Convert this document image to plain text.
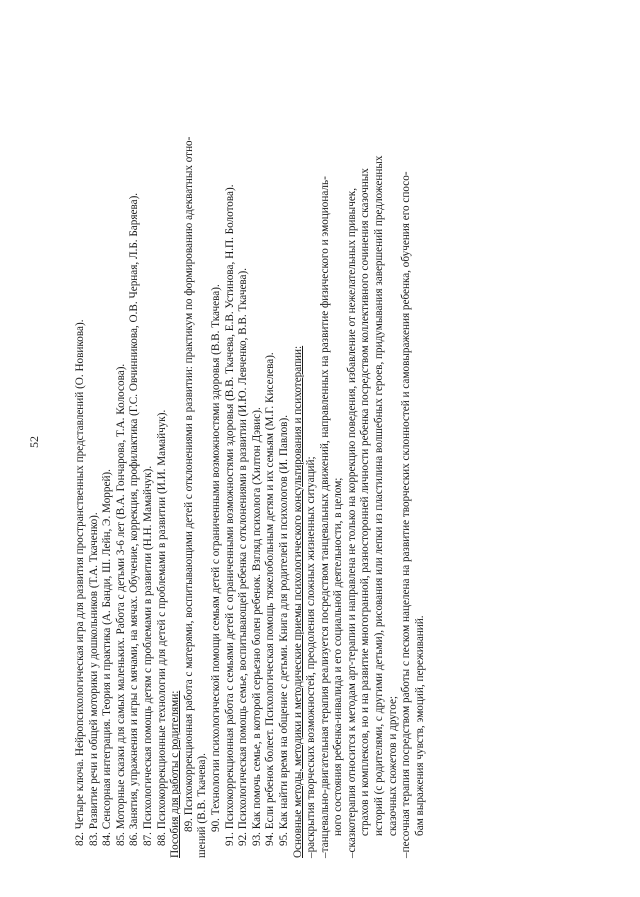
52	82. Четыре ключа. Нейропсихологическая игра для развития пространственных представлений (О. Новикова). 83. Развитие речи и общей моторики у дошкольников (Т.А. Ткаченко). 84. Сенсорная интеграция. Теория и практика (А. Банди, Ш. Лейн, Э. Моррей). 85. Моторные сказки для самых маленьких. Работа с детьми 3-6 лет (В.А. Гончарова, Т.А. Колосова). 86. Занятия, упражнения и игры с мячами, на мячах. Обучение, коррекция, профилактика (Г.С. Овчинникова, О.В. Черная, Л.Б. Баряева). 87. Психологическая помощь детям с проблемами в развитии (Н.Н. Мамайчук). 88. Психокоррекционные технологии для детей с проблемами в развитии (И.И. Мамайчук). Пособия для работы с родителями: 89. Психокоррекционная работа с матерями, воспитывающими детей с отклонениями в развитии: практикум по формированию адекватных отно- шений (В.В. Ткачева). 90. Технологии психологической помощи семьям детей с ограниченными возможностями здоровья (В.В. Ткачева). 91. Психокоррекционная работа с семьями детей с ограниченными возможностями здоровья (В.В. Ткачева, Е.В. Устинова, Н.П. Болотова). 92. Психологическая помощь семье, воспитывающей ребенка с отклонениями в развитии (И.Ю. Левченко, В.В. Ткачева). 93. Как помочь семье, в которой серьезно болен ребенок. Взгляд психолога (Хилтон Дэвис). 94. Если ребенок болеет. Психологическая помощь тяжелобольным детям и их семьям (М.Г. Киселева). 95. Как найти время на общение с детьми. Книга для родителей и психологов (И. Павлов). Основные методы, методики и методические приемы психологического консультирования и психотерапии: –раскрытия творческих возможностей, преодоления сложных жизненных ситуаций;
–танцевально-двигательная терапия реализуется посредством танцевальных движений, направленных на развитие физического и эмоциональ- ного состояния ребенка-инвалида и его социальной деятельности, в целом;
–сказкотерапия относится к методам арт-терапии и направлена не только на коррекцию поведения, избавление от нежелательных привычек, страхов и комплексов, но и на развитие многогранной, разносторонней личности ребенка посредством коллективного сочинения сказочных историй (с родителями, с другими детьми), рисования или лепки из пластилина волшебных героев, придумывания завершений предложенных сказочных сюжетов и другое;
–песочная терапия посредством работы с песком нацелена на развитие творческих склонностей и самовыражения ребенка, обучения его спосо- бам выражения чувств, эмоций, переживаний.
